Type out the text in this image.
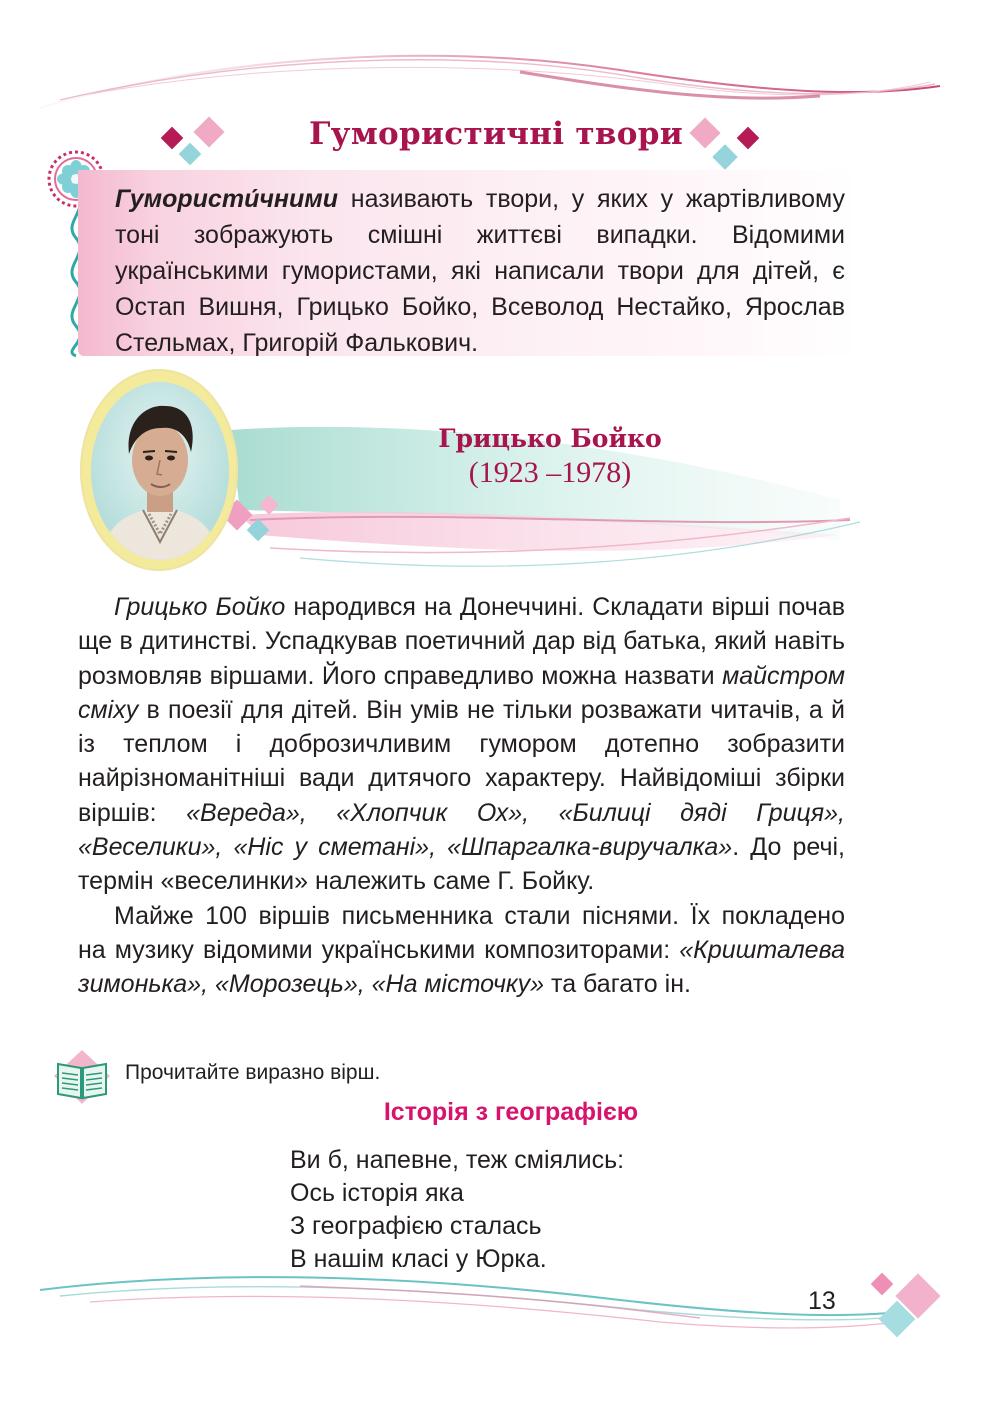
Гумористичні твори
Гумористи́чними називають твори, у яких у жартівливому тоні зображують смішні життєві випадки. Відомими українськими гумористами, які написали твори для дітей, є Остап Вишня, Грицько Бойко, Всеволод Нестайко, Ярослав Стельмах, Григорій Фалькович.
Грицько Бойко
(1923 –1978)

Грицько Бойко народився на Донеччині. Складати вірші почав ще в дитинстві. Успадкував поетичний дар від батька, який навіть розмовляв віршами. Його справедливо можна назвати майстром сміху в поезії для дітей. Він умів не тільки розважати читачів, а й із теплом і доброзичливим гумором дотепно зобразити найрізноманітніші вади дитячого характеру. Найвідоміші збірки віршів: «Вереда», «Хлопчик Ох», «Билиці дяді Гриця», «Веселики», «Ніс у сметані», «Шпаргалка-виручалка». До речі, термін «веселинки» належить саме Г. Бойку.

Майже 100 віршів письменника стали піснями. Їх покладено на музику відомими українськими композиторами: «Кришталева зимонька», «Морозець», «На місточку» та багато ін.

Прочитайте виразно вірш.
Історія з географією
Ви б, напевне, теж сміялись:
Ось історія яка
З географією сталась
В нашім класі у Юрка.
13
